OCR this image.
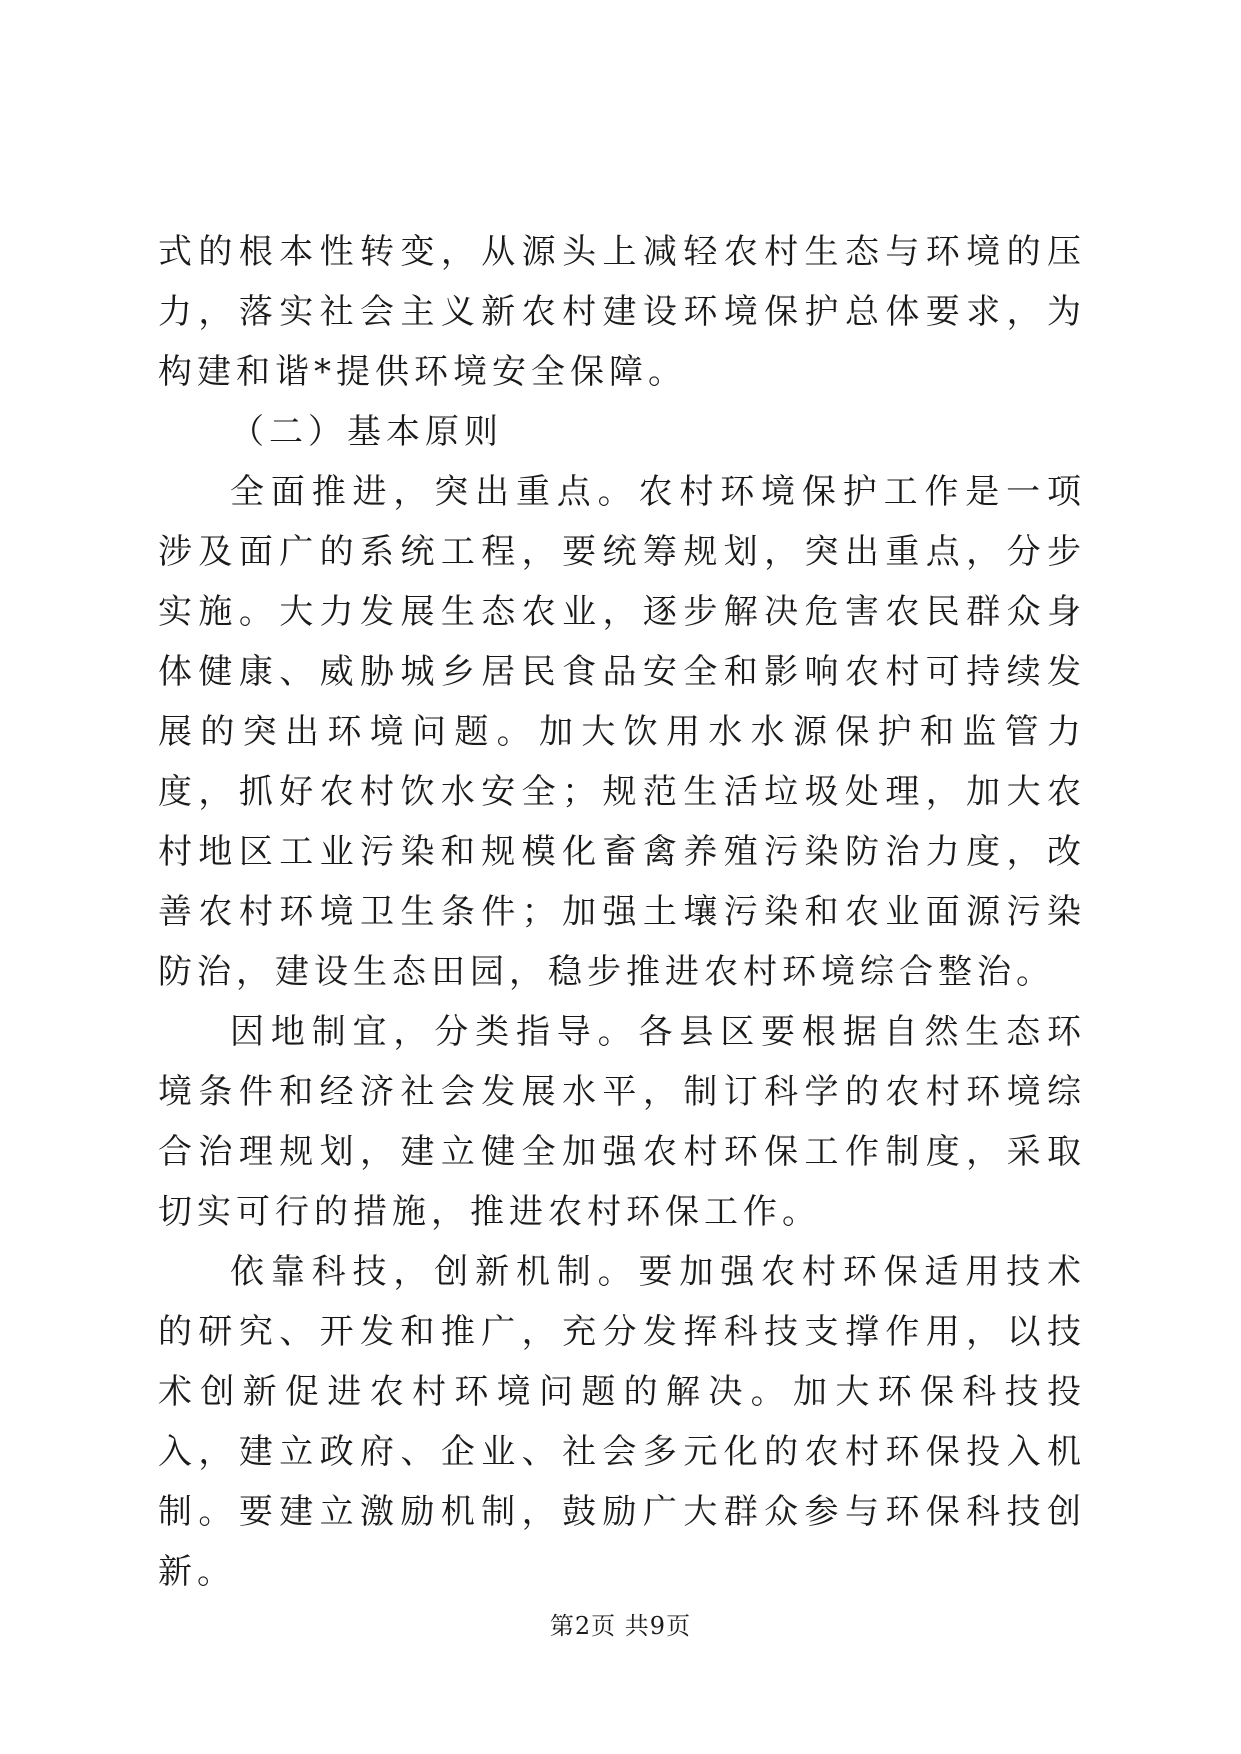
式的根本性转变，从源头上减轻农村生态与环境的压力，落实社会主义新农村建设环境保护总体要求，为构建和谐*提供环境安全保障。

（二）基本原则

全面推进，突出重点。农村环境保护工作是一项涉及面广的系统工程，要统筹规划，突出重点，分步实施。大力发展生态农业，逐步解决危害农民群众身体健康、威胁城乡居民食品安全和影响农村可持续发展的突出环境问题。加大饮用水水源保护和监管力度，抓好农村饮水安全；规范生活垃圾处理，加大农村地区工业污染和规模化畜禽养殖污染防治力度，改善农村环境卫生条件；加强土壤污染和农业面源污染防治，建设生态田园，稳步推进农村环境综合整治。

因地制宜，分类指导。各县区要根据自然生态环境条件和经济社会发展水平，制订科学的农村环境综合治理规划，建立健全加强农村环保工作制度，采取切实可行的措施，推进农村环保工作。

依靠科技，创新机制。要加强农村环保适用技术的研究、开发和推广，充分发挥科技支撑作用，以技术创新促进农村环境问题的解决。加大环保科技投入，建立政府、企业、社会多元化的农村环保投入机制。要建立激励机制，鼓励广大群众参与环保科技创新。

第2页 共9页
